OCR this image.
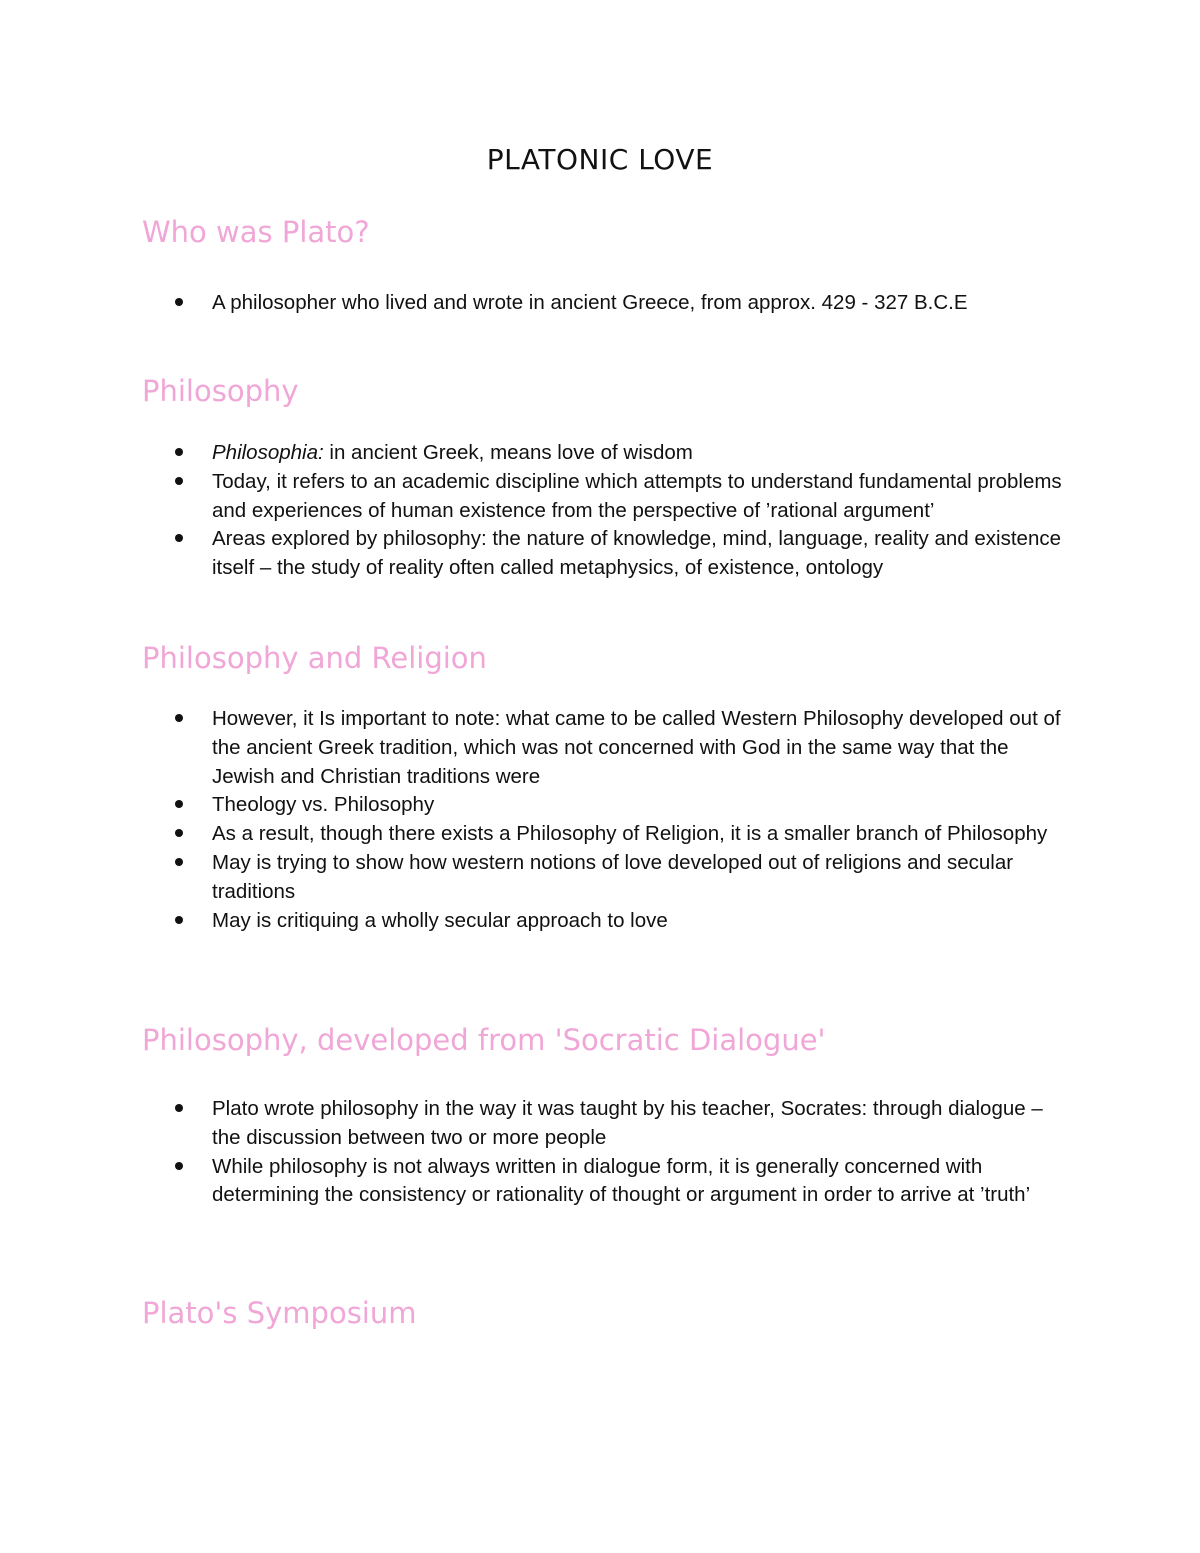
PLATONIC LOVE
Who was Plato?
A philosopher who lived and wrote in ancient Greece, from approx. 429 - 327 B.C.E
Philosophy
Philosophia: in ancient Greek, means love of wisdom
Today, it refers to an academic discipline which attempts to understand fundamental problems and experiences of human existence from the perspective of ’rational argument’
Areas explored by philosophy: the nature of knowledge, mind, language, reality and existence itself – the study of reality often called metaphysics, of existence, ontology
Philosophy and Religion
However, it Is important to note: what came to be called Western Philosophy developed out of the ancient Greek tradition, which was not concerned with God in the same way that the Jewish and Christian traditions were
Theology vs. Philosophy
As a result, though there exists a Philosophy of Religion, it is a smaller branch of Philosophy
May is trying to show how western notions of love developed out of religions and secular traditions
May is critiquing a wholly secular approach to love
Philosophy, developed from 'Socratic Dialogue'
Plato wrote philosophy in the way it was taught by his teacher, Socrates: through dialogue – the discussion between two or more people
While philosophy is not always written in dialogue form, it is generally concerned with determining the consistency or rationality of thought or argument in order to arrive at ’truth’
Plato's Symposium
